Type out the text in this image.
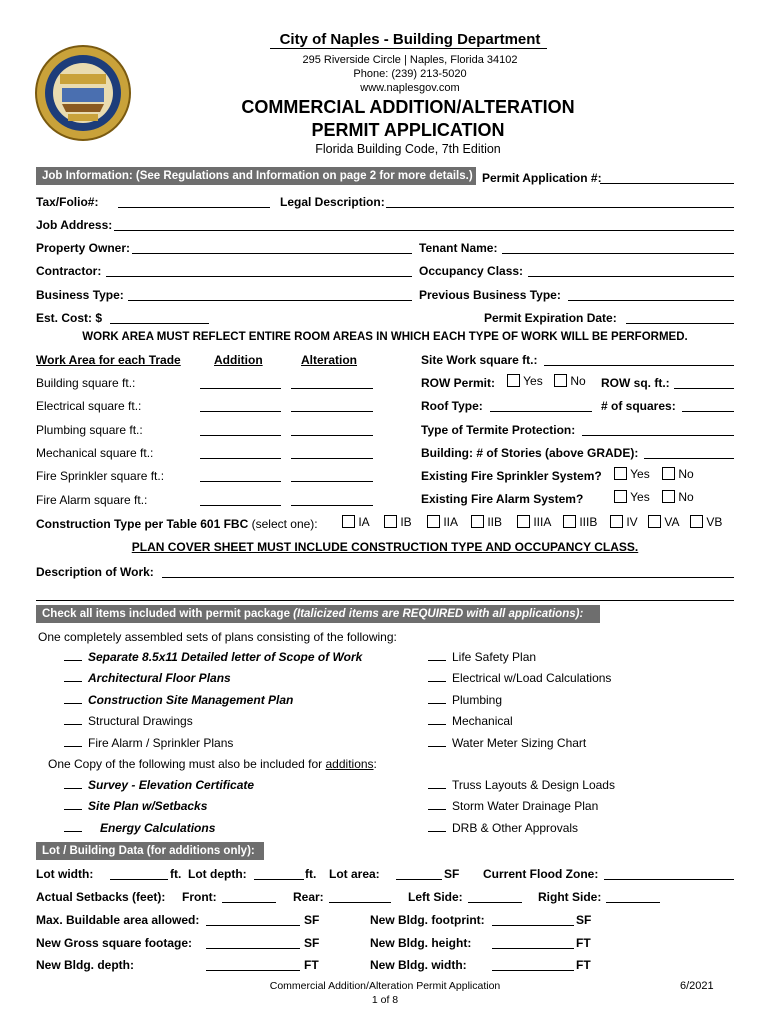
City of Naples - Building Department
295 Riverside Circle | Naples, Florida 34102
Phone: (239) 213-5020
www.naplesgov.com
COMMERCIAL ADDITION/ALTERATION
PERMIT APPLICATION
Florida Building Code, 7th Edition
Job Information: (See Regulations and Information on page 2 for more details.) Permit Application #:
Tax/Folio#:	Legal Description:
Job Address:
Property Owner:	Tenant Name:
Contractor:	Occupancy Class:
Business Type:	Previous Business Type:
Est. Cost: $	Permit Expiration Date:
WORK AREA MUST REFLECT ENTIRE ROOM AREAS IN WHICH EACH TYPE OF WORK WILL BE PERFORMED.
Work Area for each Trade	Addition	Alteration
Building square ft.:
Electrical square ft.:
Plumbing square ft.:
Mechanical square ft.:
Fire Sprinkler square ft.:
Fire Alarm square ft.:
Site Work square ft.:
ROW Permit:	Yes	No ROW sq. ft.:
Roof Type:	# of squares:
Type of Termite Protection:
Building: # of Stories (above GRADE):
Existing Fire Sprinkler System?	Yes	No
Existing Fire Alarm System?	Yes	No
Construction Type per Table 601 FBC (select one):	IA	IB	IIA	IIB	IIIA	IIIB	IV	VA	VB
PLAN COVER SHEET MUST INCLUDE CONSTRUCTION TYPE AND OCCUPANCY CLASS.
Description of Work:
Check all items included with permit package (Italicized items are REQUIRED with all applications):
One completely assembled sets of plans consisting of the following:
Separate 8.5x11 Detailed letter of Scope of Work
Architectural Floor Plans
Construction Site Management Plan
Structural Drawings
Fire Alarm / Sprinkler Plans
Life Safety Plan
Electrical w/Load Calculations
Plumbing
Mechanical
Water Meter Sizing Chart
One Copy of the following must also be included for additions:
Survey - Elevation Certificate
Site Plan w/Setbacks
Energy Calculations
Truss Layouts & Design Loads
Storm Water Drainage Plan
DRB & Other Approvals
Lot / Building Data (for additions only):
Lot width:	ft. Lot depth:	ft. Lot area:	SF Current Flood Zone:
Actual Setbacks (feet): Front:	Rear:	Left Side:	Right Side:
Max. Buildable area allowed:	SF	New Bldg. footprint:	SF
New Gross square footage:	SF	New Bldg. height:	FT
New Bldg. depth:	FT	New Bldg. width:	FT
Commercial Addition/Alteration Permit Application
1 of 8
6/2021
